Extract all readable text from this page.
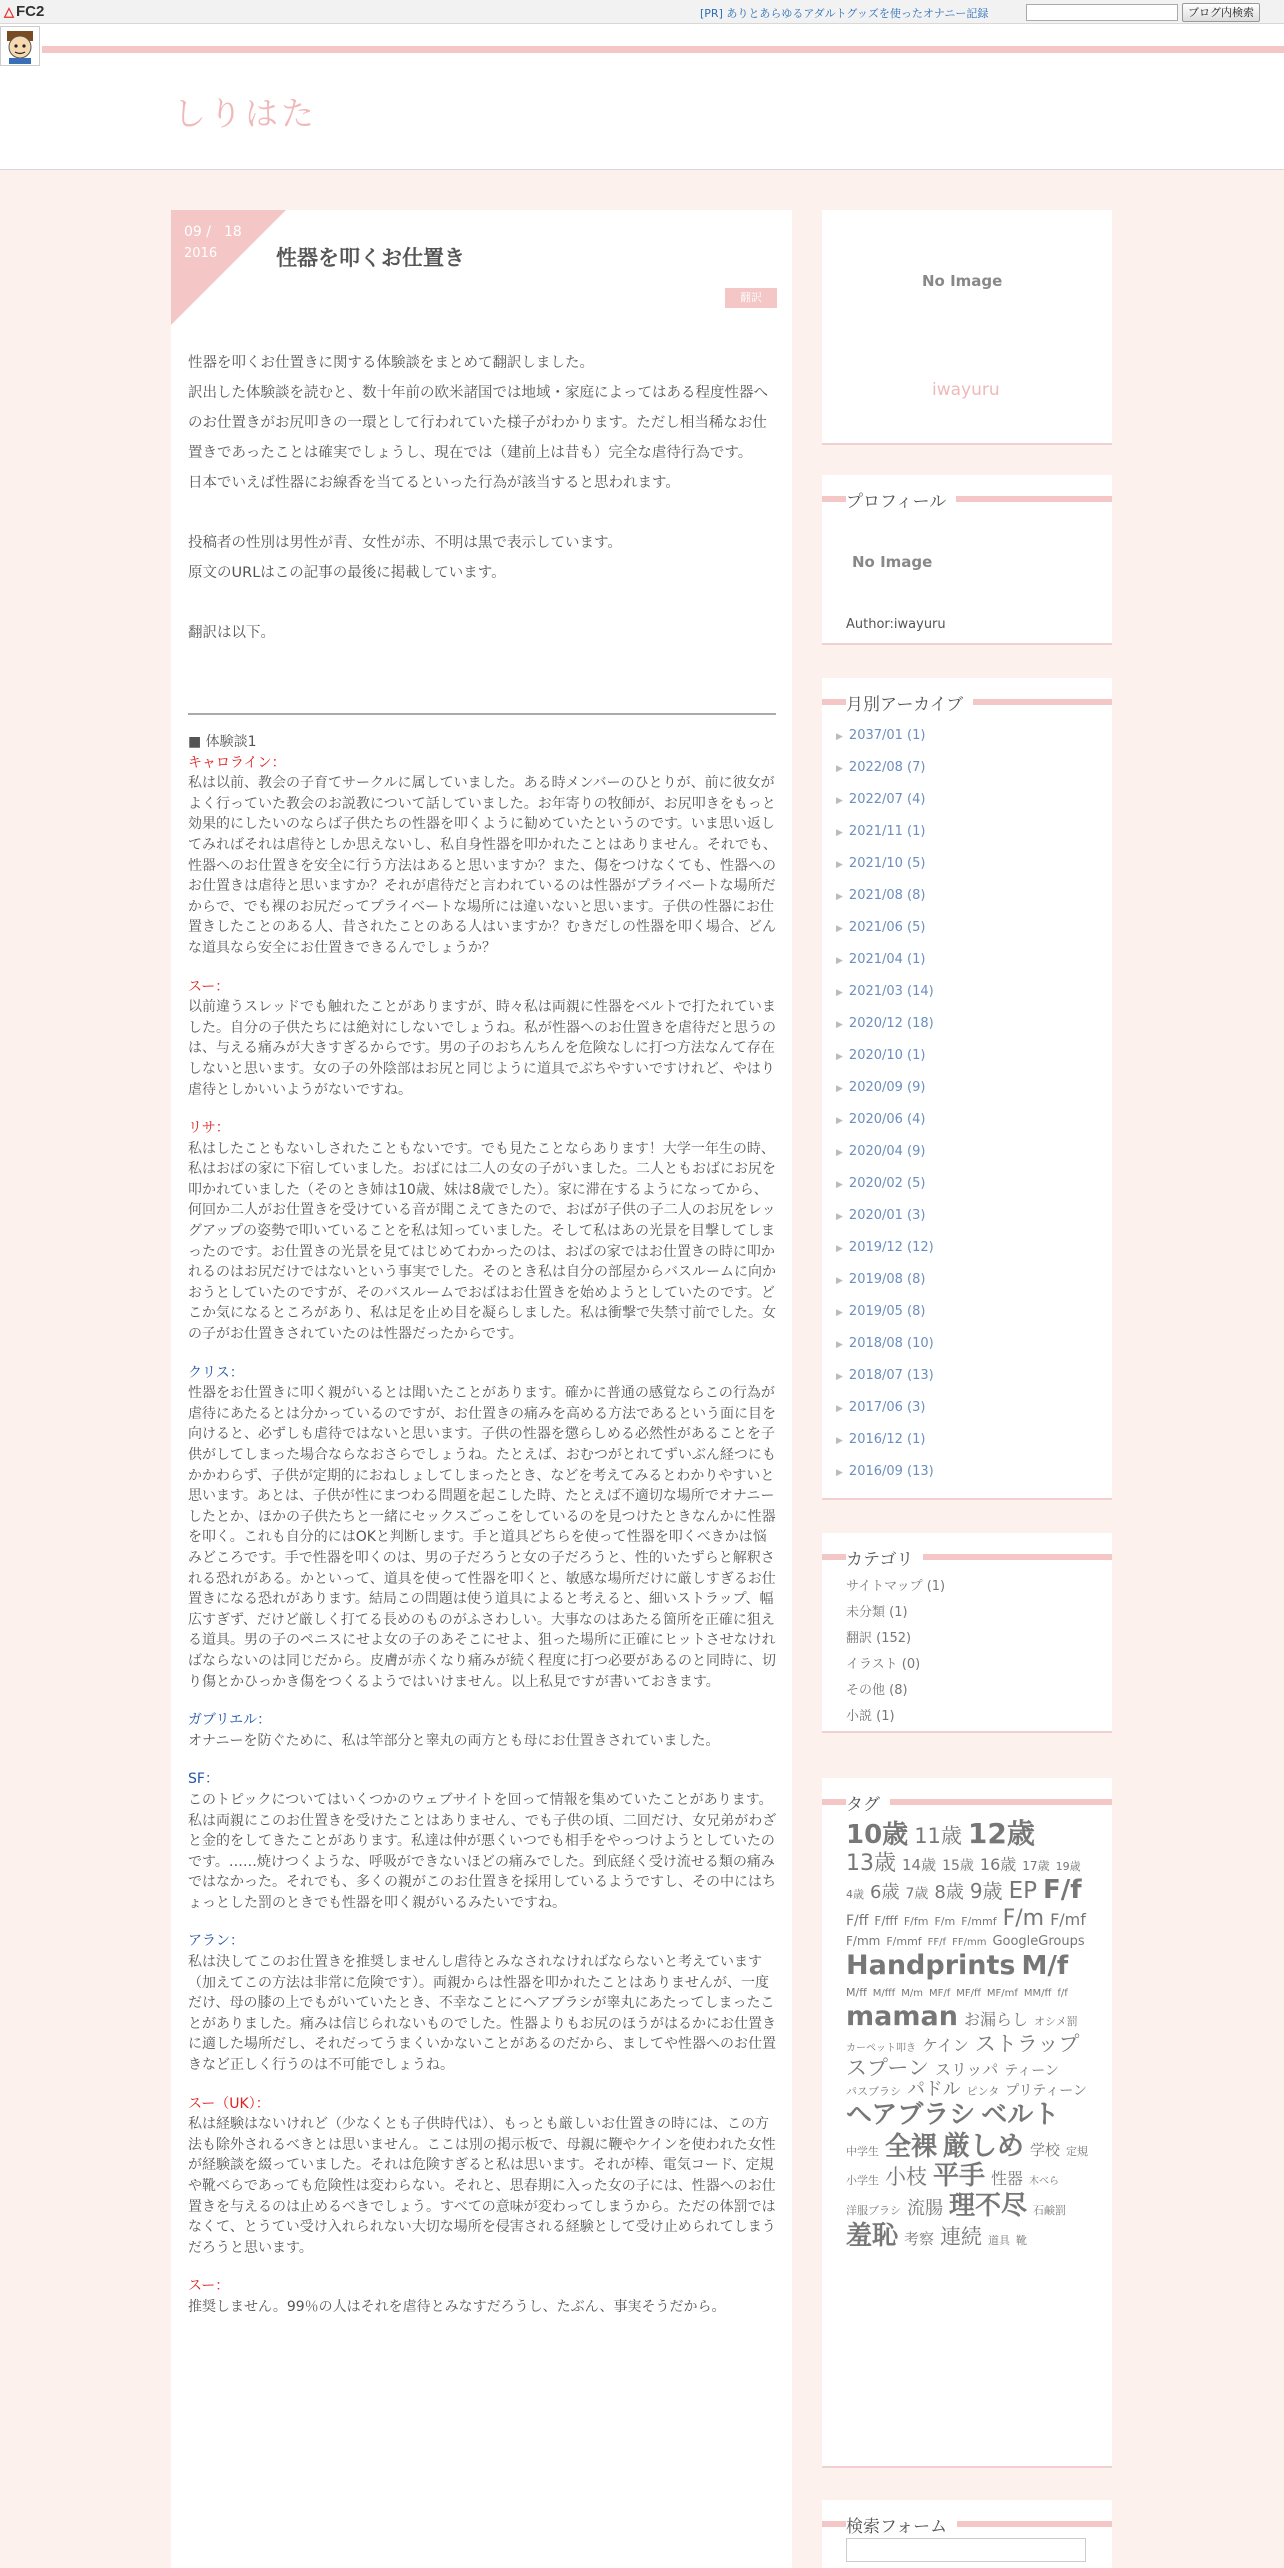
△ FC2	[PR] ありとあらゆるアダルトグッズを使ったオナニー記録	ブログ内検索
しりはた
09 / 18
2016	性器を叩くお仕置き
翻訳

性器を叩くお仕置きに関する体験談をまとめて翻訳しました。

訳出した体験談を読むと、数十年前の欧米諸国では地域・家庭によってはある程度性器へのお仕置きがお尻叩きの一環として行われていた様子がわかります。ただし相当稀なお仕置きであったことは確実でしょうし、現在では（建前上は昔も）完全な虐待行為です。

日本でいえば性器にお線香を当てるといった行為が該当すると思われます。

投稿者の性別は男性が青、女性が赤、不明は黒で表示しています。

原文のURLはこの記事の最後に掲載しています。

翻訳は以下。

■ 体験談1
キャロライン：
私は以前、教会の子育てサークルに属していました。ある時メンバーのひとりが、前に彼女がよく行っていた教会のお説教について話していました。お年寄りの牧師が、お尻叩きをもっと効果的にしたいのならば子供たちの性器を叩くように勧めていたというのです。いま思い返してみればそれは虐待としか思えないし、私自身性器を叩かれたことはありません。それでも、性器へのお仕置きを安全に行う方法はあると思いますか？また、傷をつけなくても、性器へのお仕置きは虐待と思いますか？それが虐待だと言われているのは性器がプライベートな場所だからで、でも裸のお尻だってプライベートな場所には違いないと思います。子供の性器にお仕置きしたことのある人、昔されたことのある人はいますか？むきだしの性器を叩く場合、どんな道具なら安全にお仕置きできるんでしょうか？
スー：
以前違うスレッドでも触れたことがありますが、時々私は両親に性器をベルトで打たれていました。自分の子供たちには絶対にしないでしょうね。私が性器へのお仕置きを虐待だと思うのは、与える痛みが大きすぎるからです。男の子のおちんちんを危険なしに打つ方法なんて存在しないと思います。女の子の外陰部はお尻と同じように道具でぶちやすいですけれど、やはり虐待としかいいようがないですね。
リサ：
私はしたこともないしされたこともないです。でも見たことならあります！大学一年生の時、私はおばの家に下宿していました。おばには二人の女の子がいました。二人ともおばにお尻を叩かれていました（そのとき姉は10歳、妹は8歳でした）。家に滞在するようになってから、何回か二人がお仕置きを受けている音が聞こえてきたので、おばが子供の子二人のお尻をレッグアップの姿勢で叩いていることを私は知っていました。そして私はあの光景を目撃してしまったのです。お仕置きの光景を見てはじめてわかったのは、おばの家ではお仕置きの時に叩かれるのはお尻だけではないという事実でした。そのとき私は自分の部屋からバスルームに向かおうとしていたのですが、そのバスルームでおばはお仕置きを始めようとしていたのです。どこか気になるところがあり、私は足を止め目を凝らしました。私は衝撃で失禁寸前でした。女の子がお仕置きされていたのは性器だったからです。
クリス：
性器をお仕置きに叩く親がいるとは聞いたことがあります。確かに普通の感覚ならこの行為が虐待にあたるとは分かっているのですが、お仕置きの痛みを高める方法であるという面に目を向けると、必ずしも虐待ではないと思います。子供の性器を懲らしめる必然性があることを子供がしてしまった場合ならなおさらでしょうね。たとえば、おむつがとれてずいぶん経つにもかかわらず、子供が定期的におねしょしてしまったとき、などを考えてみるとわかりやすいと思います。あとは、子供が性にまつわる問題を起こした時、たとえば不適切な場所でオナニーしたとか、ほかの子供たちと一緒にセックスごっこをしているのを見つけたときなんかに性器を叩く。これも自分的にはOKと判断します。手と道具どちらを使って性器を叩くべきかは悩みどころです。手で性器を叩くのは、男の子だろうと女の子だろうと、性的いたずらと解釈される恐れがある。かといって、道具を使って性器を叩くと、敏感な場所だけに厳しすぎるお仕置きになる恐れがあります。結局この問題は使う道具によると考えると、細いストラップ、幅広すぎず、だけど厳しく打てる長めのものがふさわしい。大事なのはあたる箇所を正確に狙える道具。男の子のペニスにせよ女の子のあそこにせよ、狙った場所に正確にヒットさせなければならないのは同じだから。皮膚が赤くなり痛みが続く程度に打つ必要があるのと同時に、切り傷とかひっかき傷をつくるようではいけません。以上私見ですが書いておきます。
ガブリエル：
オナニーを防ぐために、私は竿部分と睾丸の両方とも母にお仕置きされていました。
SF：
このトピックについてはいくつかのウェブサイトを回って情報を集めていたことがあります。私は両親にこのお仕置きを受けたことはありません、でも子供の頃、二回だけ、女兄弟がわざと金的をしてきたことがあります。私達は仲が悪くいつでも相手をやっつけようとしていたのです。……焼けつくような、呼吸ができないほどの痛みでした。到底経く受け流せる類の痛みではなかった。それでも、多くの親がこのお仕置きを採用しているようですし、その中にはちょっとした罰のときでも性器を叩く親がいるみたいですね。
アラン：
私は決してこのお仕置きを推奨しませんし虐待とみなされなければならないと考えています（加えてこの方法は非常に危険です）。両親からは性器を叩かれたことはありませんが、一度だけ、母の膝の上でもがいていたとき、不幸なことにヘアブラシが睾丸にあたってしまったことがありました。痛みは信じられないものでした。性器よりもお尻のほうがはるかにお仕置きに適した場所だし、それだってうまくいかないことがあるのだから、ましてや性器へのお仕置きなど正しく行うのは不可能でしょうね。
スー（UK）：
私は経験はないけれど（少なくとも子供時代は）、もっとも厳しいお仕置きの時には、この方法も除外されるべきとは思いません。ここは別の掲示板で、母親に鞭やケインを使われた女性が経験談を綴っていました。それは危険すぎると私は思います。それが棒、電気コード、定規や靴べらであっても危険性は変わらない。それと、思春期に入った女の子には、性器へのお仕置きを与えるのは止めるべきでしょう。すべての意味が変わってしまうから。ただの体罰ではなくて、とうてい受け入れられない大切な場所を侵害される経験として受け止められてしまうだろうと思います。
スー：
推奨しません。99％の人はそれを虐待とみなすだろうし、たぶん、事実そうだから。
No Image
iwayuru
プロフィール
No Image
Author:iwayuru
月別アーカイブ
▶ 2037/01 (1)
▶ 2022/08 (7)
▶ 2022/07 (4)
▶ 2021/11 (1)
▶ 2021/10 (5)
▶ 2021/08 (8)
▶ 2021/06 (5)
▶ 2021/04 (1)
▶ 2021/03 (14)
▶ 2020/12 (18)
▶ 2020/10 (1)
▶ 2020/09 (9)
▶ 2020/06 (4)
▶ 2020/04 (9)
▶ 2020/02 (5)
▶ 2020/01 (3)
▶ 2019/12 (12)
▶ 2019/08 (8)
▶ 2019/05 (8)
▶ 2018/08 (10)
▶ 2018/07 (13)
▶ 2017/06 (3)
▶ 2016/12 (1)
▶ 2016/09 (13)
カテゴリ
サイトマップ (1)
未分類 (1)
翻訳 (152)
イラスト (0)
その他 (8)
小説 (1)
タグ
10歳 11歳 12歳13歳 14歳 15歳 16歳 17歳 19歳4歳 6歳 7歳 8歳 9歳 EP F/fF/ff F/fff F/fm F/m F/mmf F/m F/mfF/mm F/mmf FF/f FF/mm GoogleGroupsHandprints M/fM/ff M/fff M/m MF/f MF/ff MF/mf MM/ff f/fmaman お漏らし オシメ罰カーペット叩き ケイン ストラップスプーン スリッパ ティーンパスブラシ パドル ピンタ プリティーンヘアブラシ ベルト中学生 全裸 厳しめ 学校 定規小学生 小枝 平手 性器 木べら洋服ブラシ 流腸 理不尽 石鹸罰羞恥 考察 連続 道具 靴
検索フォーム
